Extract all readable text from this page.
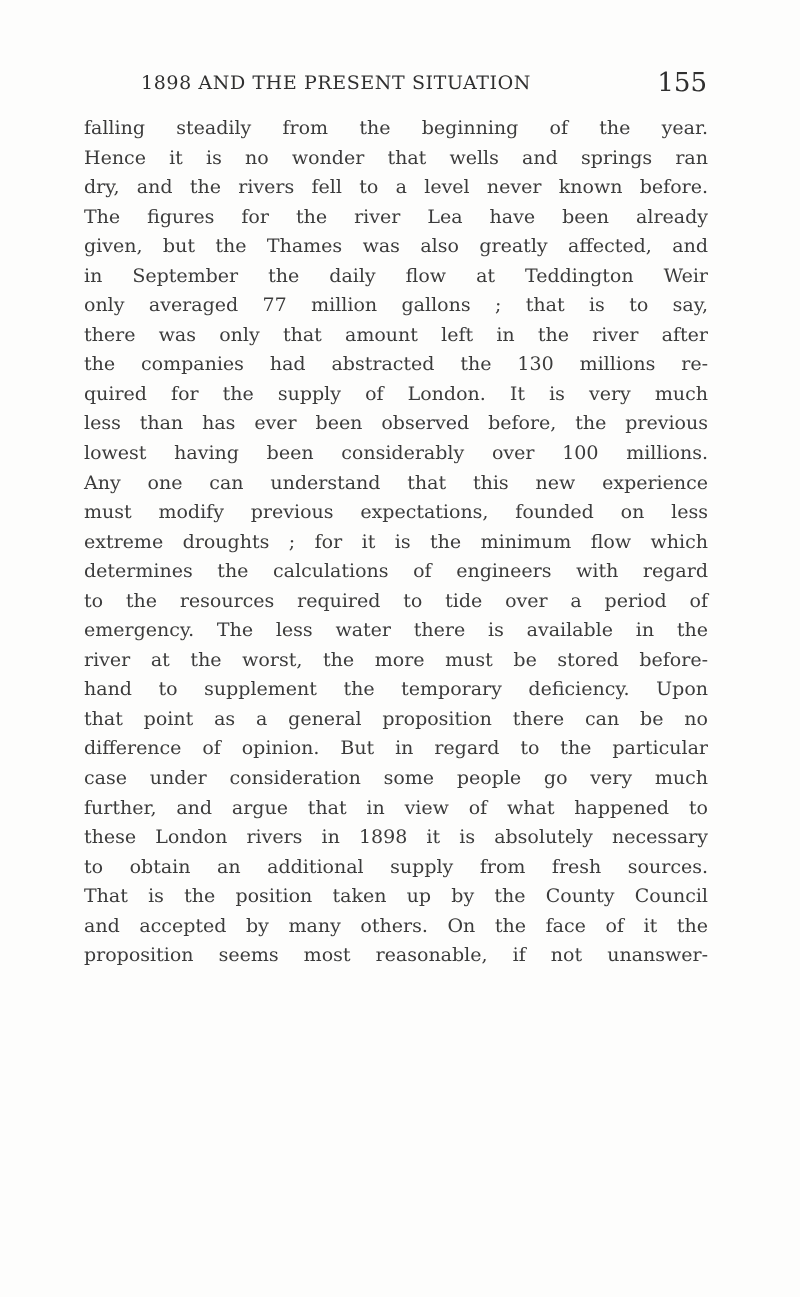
1898 AND THE PRESENT SITUATION	155
falling steadily from the beginning of the year.
Hence it is no wonder that wells and springs ran
dry, and the rivers fell to a level never known before.
The figures for the river Lea have been already
given, but the Thames was also greatly affected, and
in September the daily flow at Teddington Weir
only averaged 77 million gallons ; that is to say,
there was only that amount left in the river after
the companies had abstracted the 130 millions re-
quired for the supply of London. It is very much
less than has ever been observed before, the previous
lowest having been considerably over 100 millions.
Any one can understand that this new experience
must modify previous expectations, founded on less
extreme droughts ; for it is the minimum flow which
determines the calculations of engineers with regard
to the resources required to tide over a period of
emergency. The less water there is available in the
river at the worst, the more must be stored before-
hand to supplement the temporary deficiency. Upon
that point as a general proposition there can be no
difference of opinion. But in regard to the particular
case under consideration some people go very much
further, and argue that in view of what happened to
these London rivers in 1898 it is absolutely necessary
to obtain an additional supply from fresh sources.
That is the position taken up by the County Council
and accepted by many others. On the face of it the
proposition seems most reasonable, if not unanswer-
